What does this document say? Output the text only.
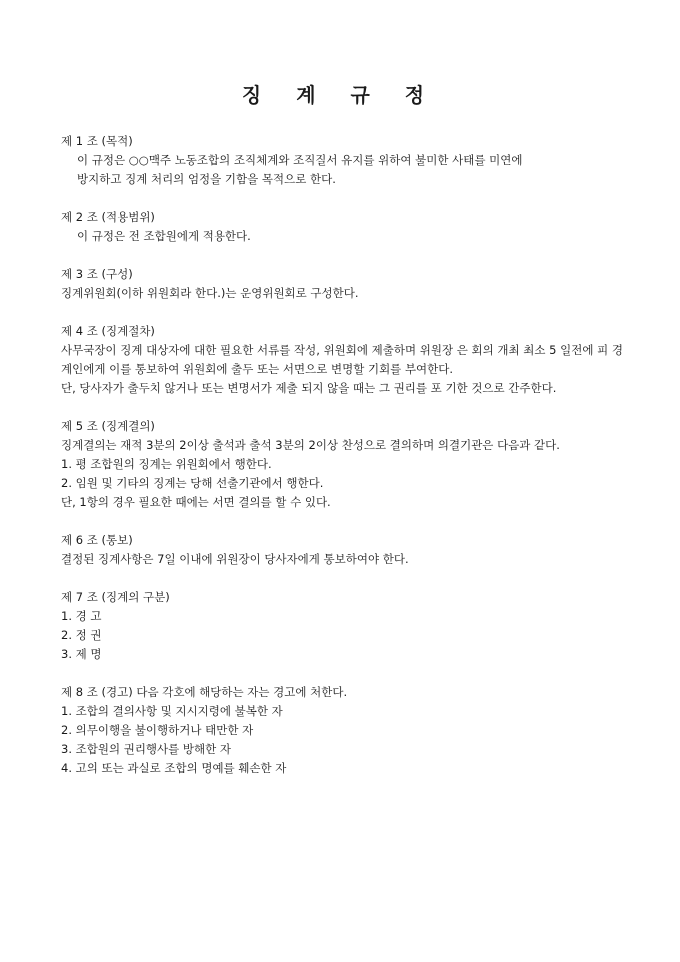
징 계 규 정
제 1 조 (목적)
이 규정은 ○○맥주 노동조합의 조직체계와 조직질서 유지를 위하여 불미한 사태를 미연에
방지하고 징계 처리의 엄정을 기함을 목적으로 한다.
제 2 조 (적용범위)
이 규정은 전 조합원에게 적용한다.
제 3 조 (구성)
징계위원회(이하 위원회라 한다.)는 운영위원회로 구성한다.
제 4 조 (징계절차)
사무국장이 징계 대상자에 대한 필요한 서류를 작성, 위원회에 제출하며 위원장 은 회의 개최 최소 5 일전에 피 경계인에게 이를 통보하여 위원회에 출두 또는 서면으로 변명할 기회를 부여한다.
단, 당사자가 출두치 않거나 또는 변명서가 제출 되지 않을 때는 그 권리를 포 기한 것으로 간주한다.
제 5 조 (징계결의)
징계결의는 재적 3분의 2이상 출석과 출석 3분의 2이상 찬성으로 결의하며 의결기관은 다음과 같다.
1. 평 조합원의 징계는 위원회에서 행한다.
2. 임원 및 기타의 징계는 당해 선출기관에서 행한다.
단, 1항의 경우 필요한 때에는 서면 결의를 할 수 있다.
제 6 조 (통보)
결정된 징계사항은 7일 이내에 위원장이 당사자에게 통보하여야 한다.
제 7 조 (징계의 구분)
1. 경 고
2. 정 권
3. 제 명
제 8 조 (경고) 다음 각호에 해당하는 자는 경고에 처한다.
1. 조합의 결의사항 및 지시지령에 불복한 자
2. 의무이행을 불이행하거나 태만한 자
3. 조합원의 권리행사를 방해한 자
4. 고의 또는 과실로 조합의 명예를 훼손한 자
